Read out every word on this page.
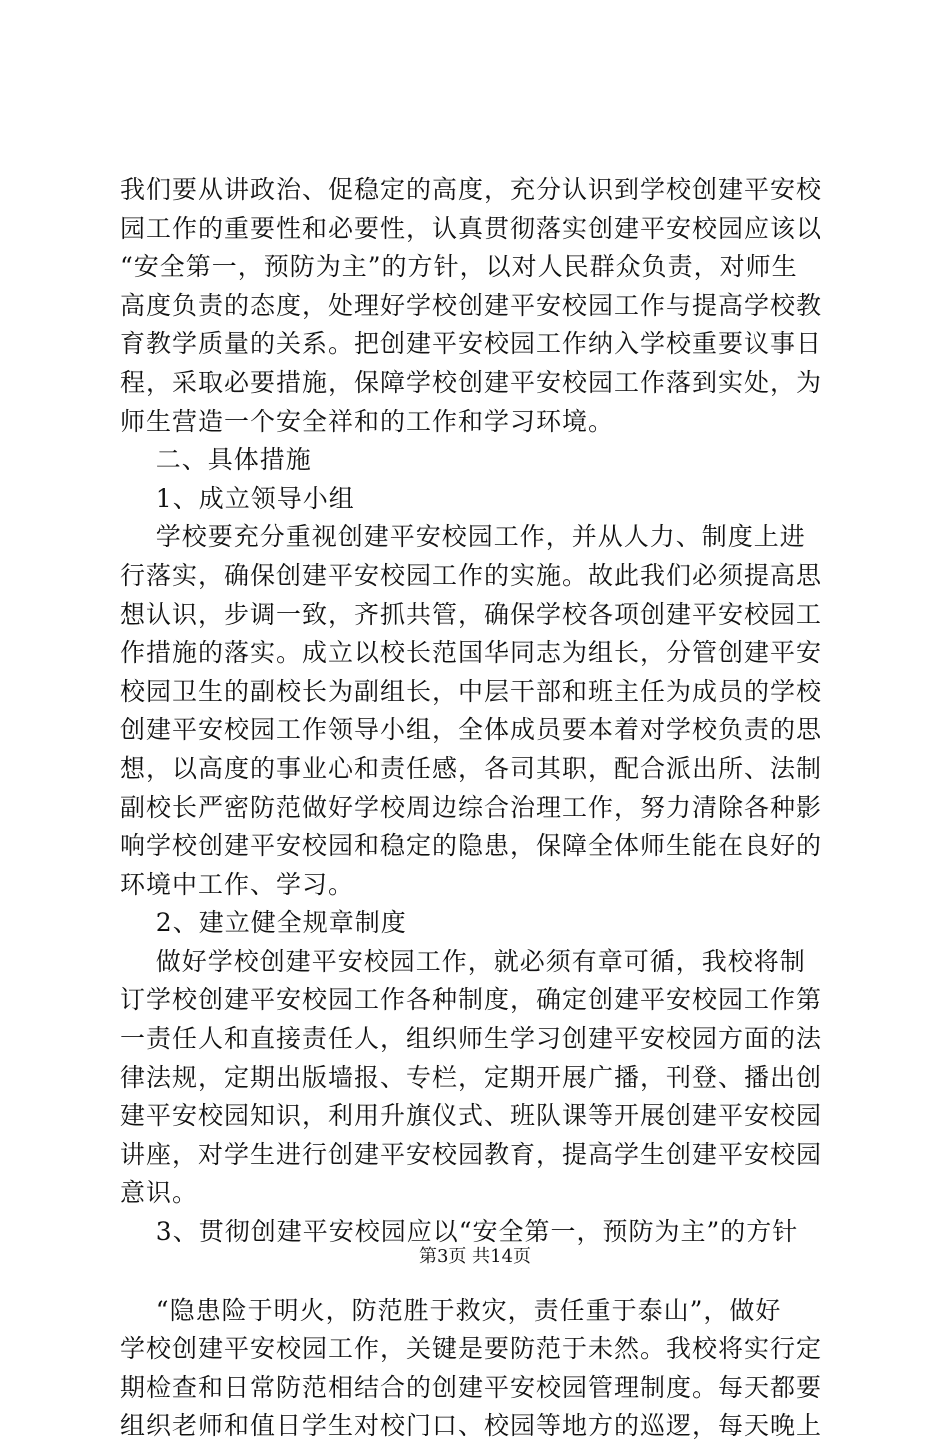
我们要从讲政治、促稳定的高度，充分认识到学校创建平安校
园工作的重要性和必要性，认真贯彻落实创建平安校园应该以
“安全第一，预防为主”的方针，以对人民群众负责，对师生
高度负责的态度，处理好学校创建平安校园工作与提高学校教
育教学质量的关系。把创建平安校园工作纳入学校重要议事日
程，采取必要措施，保障学校创建平安校园工作落到实处，为
师生营造一个安全祥和的工作和学习环境。
二、具体措施
1、成立领导小组
学校要充分重视创建平安校园工作，并从人力、制度上进
行落实，确保创建平安校园工作的实施。故此我们必须提高思
想认识，步调一致，齐抓共管，确保学校各项创建平安校园工
作措施的落实。成立以校长范国华同志为组长，分管创建平安
校园卫生的副校长为副组长，中层干部和班主任为成员的学校
创建平安校园工作领导小组，全体成员要本着对学校负责的思
想，以高度的事业心和责任感，各司其职，配合派出所、法制
副校长严密防范做好学校周边综合治理工作，努力清除各种影
响学校创建平安校园和稳定的隐患，保障全体师生能在良好的
环境中工作、学习。
2、建立健全规章制度
做好学校创建平安校园工作，就必须有章可循，我校将制
订学校创建平安校园工作各种制度，确定创建平安校园工作第
一责任人和直接责任人，组织师生学习创建平安校园方面的法
律法规，定期出版墙报、专栏，定期开展广播，刊登、播出创
建平安校园知识，利用升旗仪式、班队课等开展创建平安校园
讲座，对学生进行创建平安校园教育，提高学生创建平安校园
意识。
3、贯彻创建平安校园应以“安全第一，预防为主”的方针
“隐患险于明火，防范胜于救灾，责任重于泰山”，做好
学校创建平安校园工作，关键是要防范于未然。我校将实行定
期检查和日常防范相结合的创建平安校园管理制度。每天都要
组织老师和值日学生对校门口、校园等地方的巡逻，每天晚上
第3页 共14页
